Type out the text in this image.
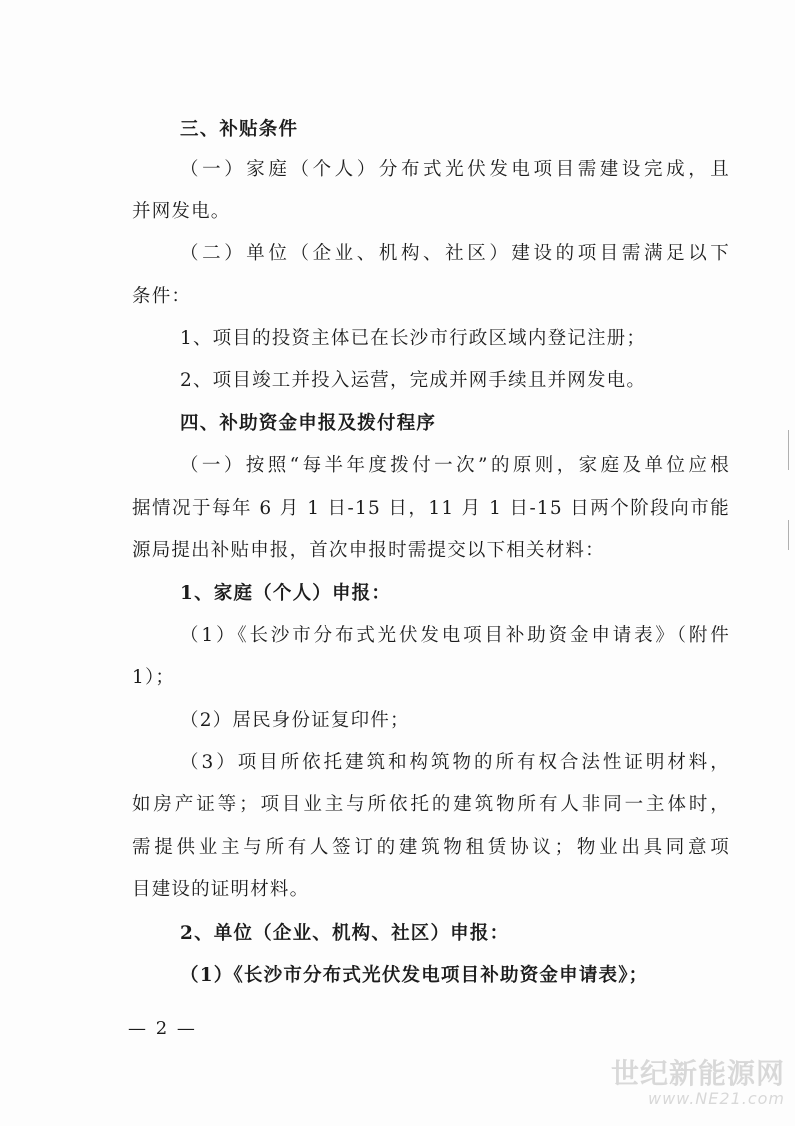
三、补贴条件
（一）家庭（个人）分布式光伏发电项目需建设完成，且
并网发电。
（二）单位（企业、机构、社区）建设的项目需满足以下
条件：
1、项目的投资主体已在长沙市行政区域内登记注册；
2、项目竣工并投入运营，完成并网手续且并网发电。
四、补助资金申报及拨付程序
（一）按照“每半年度拨付一次”的原则，家庭及单位应根
据情况于每年 6 月 1 日-15 日，11 月 1 日-15 日两个阶段向市能
源局提出补贴申报，首次申报时需提交以下相关材料：
1、家庭（个人）申报：
（1）《长沙市分布式光伏发电项目补助资金申请表》（附件
1）；
（2）居民身份证复印件；
（3）项目所依托建筑和构筑物的所有权合法性证明材料，
如房产证等；项目业主与所依托的建筑物所有人非同一主体时，
需提供业主与所有人签订的建筑物租赁协议；物业出具同意项
目建设的证明材料。
2、单位（企业、机构、社区）申报：
（1）《长沙市分布式光伏发电项目补助资金申请表》；
— 2 —
世纪新能源网
www.NE21.com
